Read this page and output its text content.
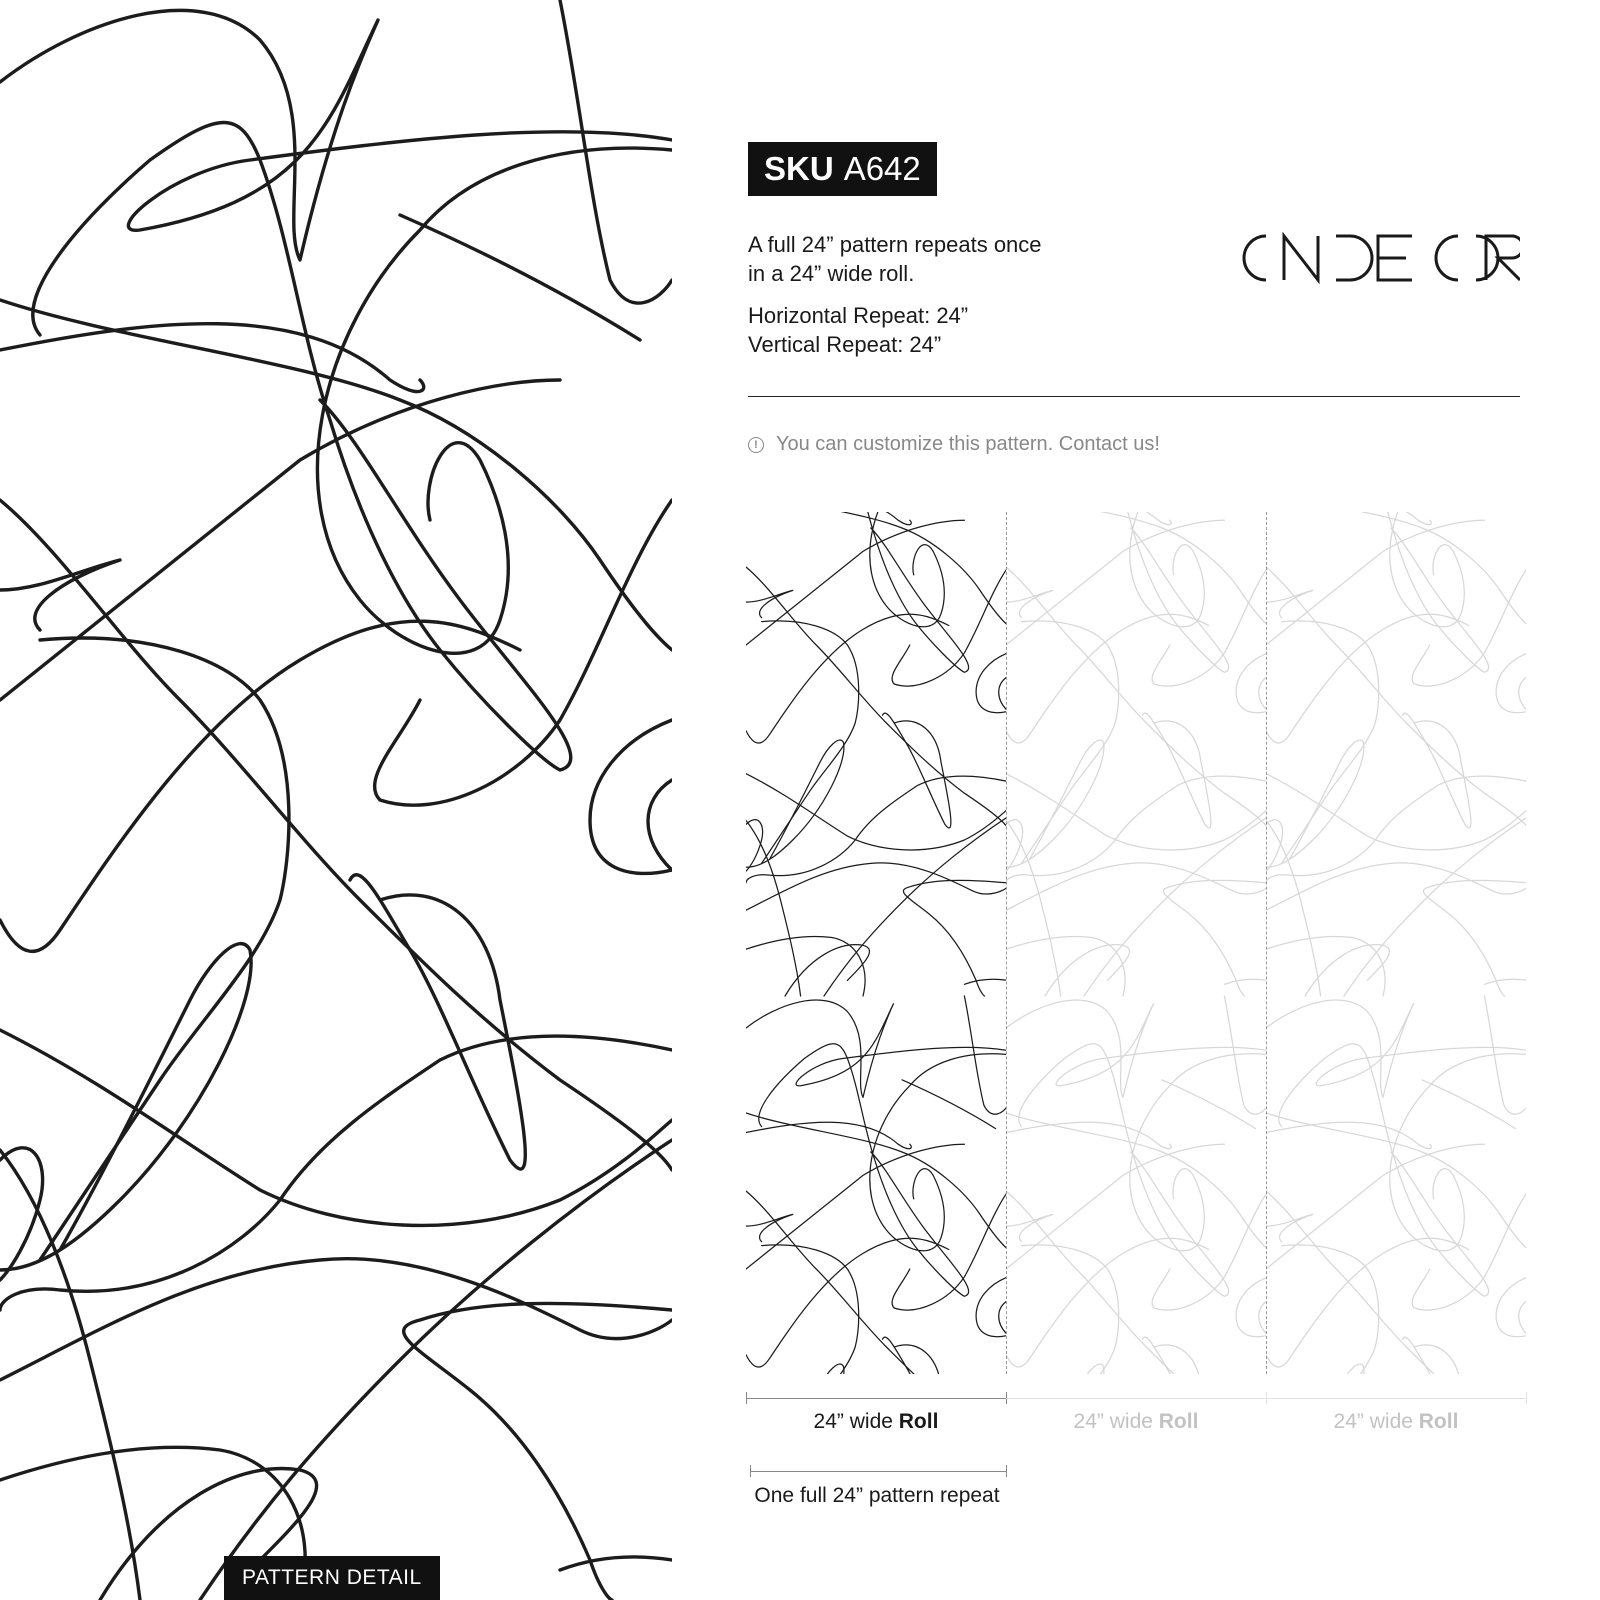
PATTERN DETAIL
SKU A642
A full 24” pattern repeats once
in a 24” wide roll.
Horizontal Repeat: 24”
Vertical Repeat: 24”
! You can customize this pattern. Contact us!
24” wide Roll	24” wide Roll	24” wide Roll
One full 24” pattern repeat
